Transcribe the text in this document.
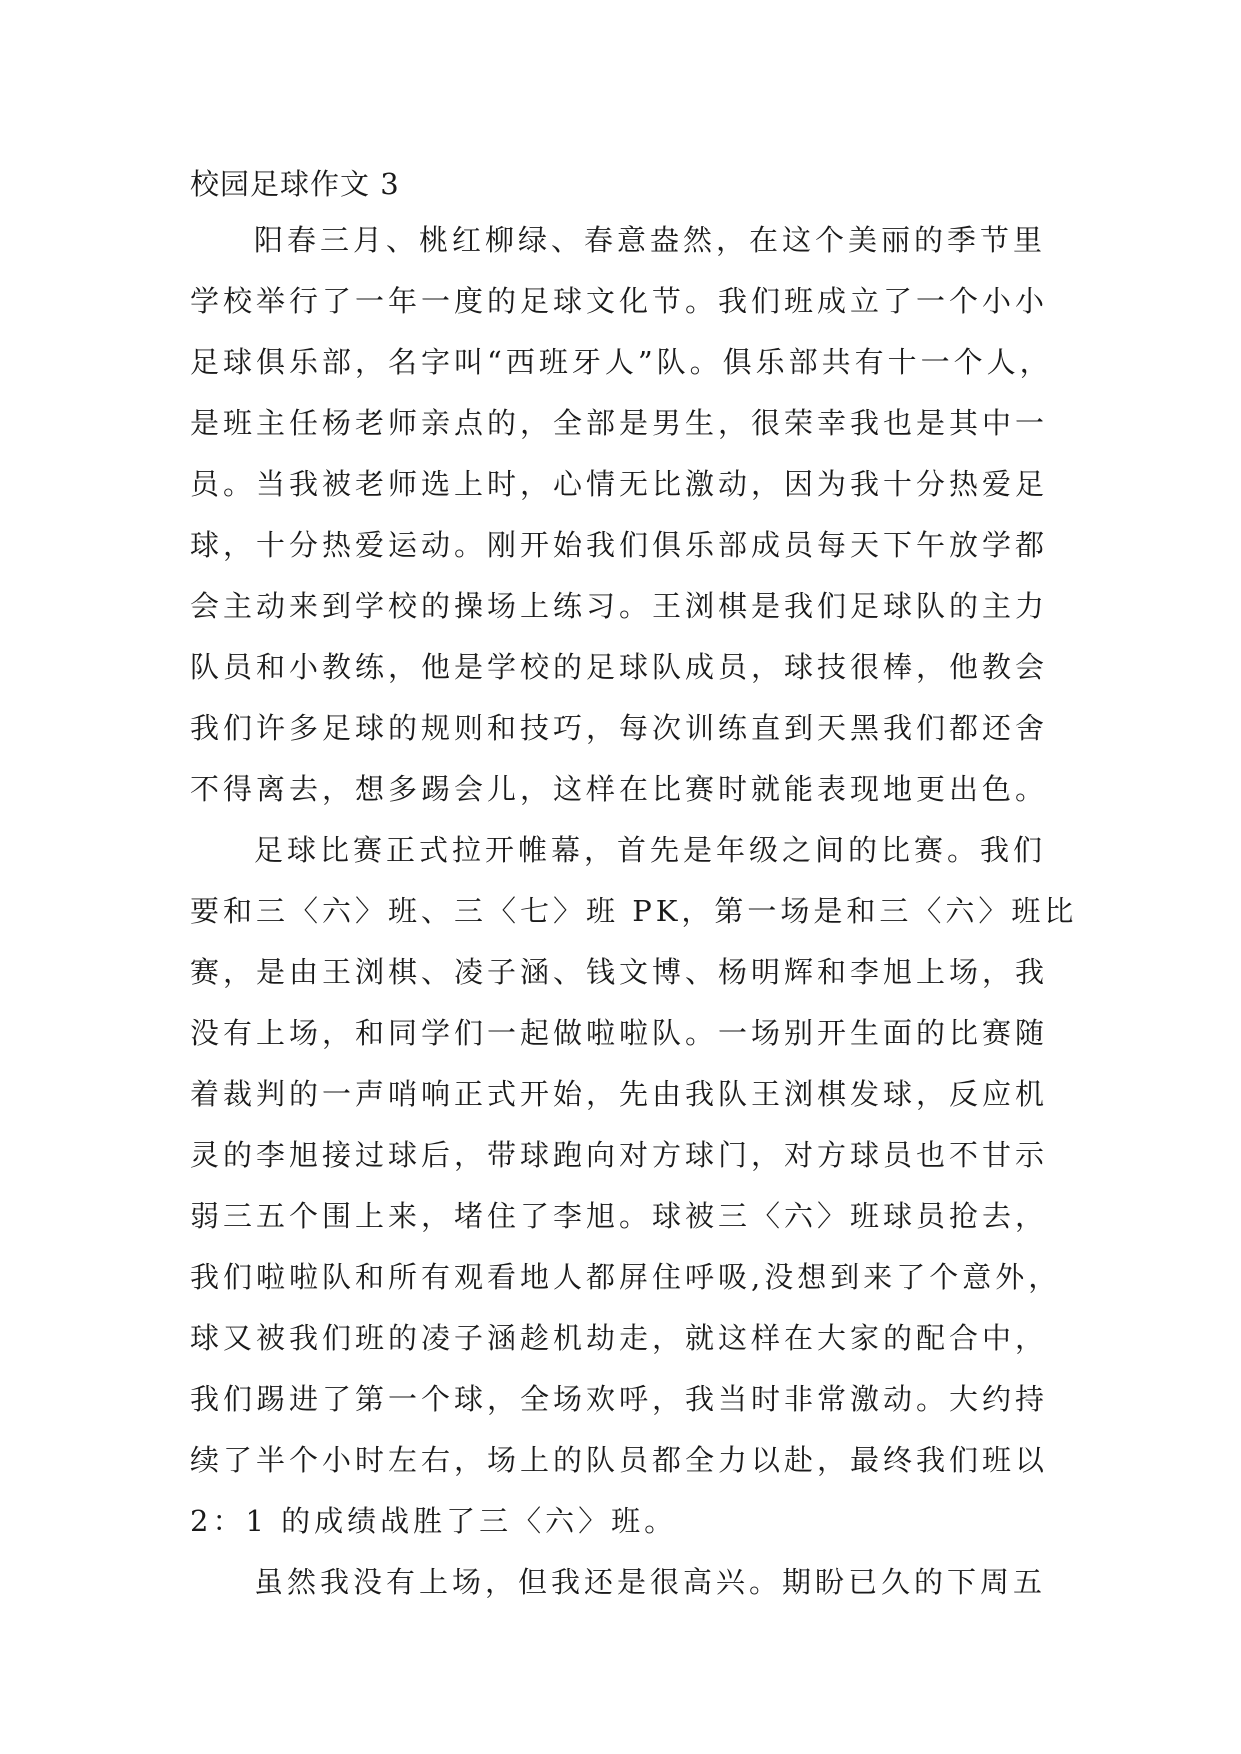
校园足球作文 3

阳春三月、桃红柳绿、春意盎然，在这个美丽的季节里
学校举行了一年一度的足球文化节。我们班成立了一个小小
足球俱乐部，名字叫“西班牙人”队。俱乐部共有十一个人，
是班主任杨老师亲点的，全部是男生，很荣幸我也是其中一
员。当我被老师选上时，心情无比激动，因为我十分热爱足
球，十分热爱运动。刚开始我们俱乐部成员每天下午放学都
会主动来到学校的操场上练习。王浏棋是我们足球队的主力
队员和小教练，他是学校的足球队成员，球技很棒，他教会
我们许多足球的规则和技巧，每次训练直到天黑我们都还舍
不得离去，想多踢会儿，这样在比赛时就能表现地更出色。

足球比赛正式拉开帷幕，首先是年级之间的比赛。我们
要和三〈六〉班、三〈七〉班 PK，第一场是和三〈六〉班比
赛，是由王浏棋、凌子涵、钱文博、杨明辉和李旭上场，我
没有上场，和同学们一起做啦啦队。一场别开生面的比赛随
着裁判的一声哨响正式开始，先由我队王浏棋发球，反应机
灵的李旭接过球后，带球跑向对方球门，对方球员也不甘示
弱三五个围上来，堵住了李旭。球被三〈六〉班球员抢去，
我们啦啦队和所有观看地人都屏住呼吸,没想到来了个意外，
球又被我们班的凌子涵趁机劫走，就这样在大家的配合中，
我们踢进了第一个球，全场欢呼，我当时非常激动。大约持
续了半个小时左右，场上的队员都全力以赴，最终我们班以
2：1 的成绩战胜了三〈六〉班。

虽然我没有上场，但我还是很高兴。期盼已久的下周五
